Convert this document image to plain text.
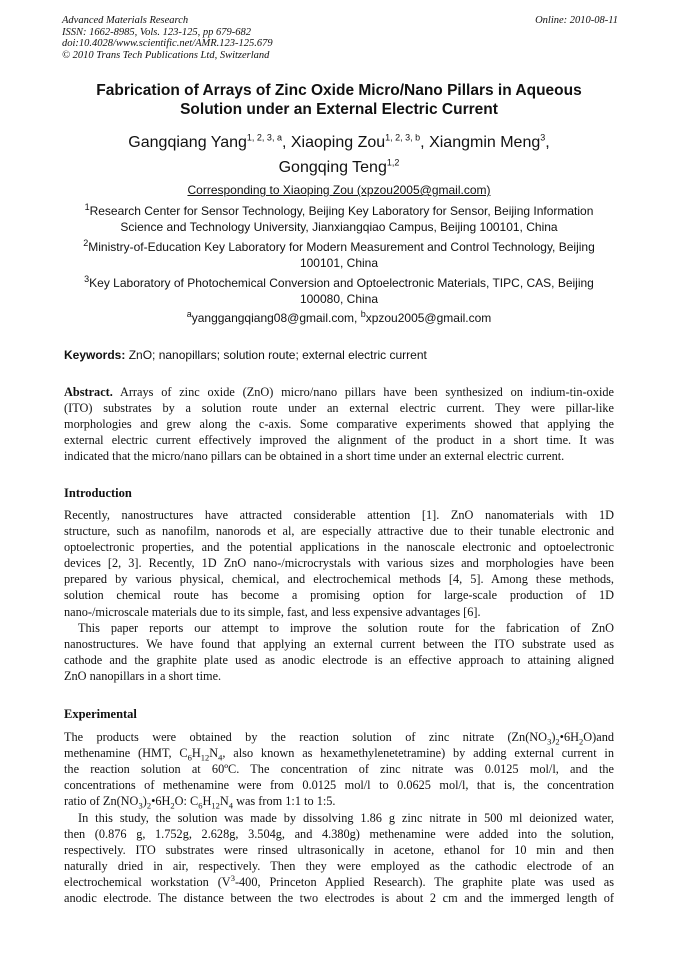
Advanced Materials Research
ISSN: 1662-8985, Vols. 123-125, pp 679-682
doi:10.4028/www.scientific.net/AMR.123-125.679
© 2010 Trans Tech Publications Ltd, Switzerland
Online: 2010-08-11
Fabrication of Arrays of Zinc Oxide Micro/Nano Pillars in Aqueous
Solution under an External Electric Current
Gangqiang Yang$^{1, 2, 3, a}$, Xiaoping Zou$^{1, 2, 3, b}$, Xiangmin Meng$^3$,
Gongqing Teng$^{1,2}$
Corresponding to Xiaoping Zou (xpzou2005@gmail.com)
$^1$Research Center for Sensor Technology, Beijing Key Laboratory for Sensor, Beijing Information
Science and Technology University, Jianxiangqiao Campus, Beijing 100101, China
$^2$Ministry-of-Education Key Laboratory for Modern Measurement and Control Technology, Beijing
100101, China
$^3$Key Laboratory of Photochemical Conversion and Optoelectronic Materials, TIPC, CAS, Beijing
100080, China
$^a$yanggangqiang08@gmail.com, $^b$xpzou2005@gmail.com
Keywords: ZnO; nanopillars; solution route; external electric current
Abstract. Arrays of zinc oxide (ZnO) micro/nano pillars have been synthesized on indium-tin-oxide
(ITO) substrates by a solution route under an external electric current. They were pillar-like
morphologies and grew along the c-axis. Some comparative experiments showed that applying the
external electric current effectively improved the alignment of the product in a short time. It was
indicated that the micro/nano pillars can be obtained in a short time under an external electric current.
Introduction
Recently, nanostructures have attracted considerable attention [1]. ZnO nanomaterials with 1D
structure, such as nanofilm, nanorods et al, are especially attractive due to their tunable electronic and
optoelectronic properties, and the potential applications in the nanoscale electronic and optoelectronic
devices [2, 3]. Recently, 1D ZnO nano-/microcrystals with various sizes and morphologies have been
prepared by various physical, chemical, and electrochemical methods [4, 5]. Among these methods,
solution chemical route has become a promising option for large-scale production of 1D
nano-/microscale materials due to its simple, fast, and less expensive advantages [6].
This paper reports our attempt to improve the solution route for the fabrication of ZnO
nanostructures. We have found that applying an external current between the ITO substrate used as
cathode and the graphite plate used as anodic electrode is an effective approach to attaining aligned
ZnO nanopillars in a short time.
Experimental
The products were obtained by the reaction solution of zinc nitrate $(Zn(NO_3)_2•6H_2O)and$
methenamine (HMT, $C_6H_{12}N_4$, also known as hexamethylenetetramine) by adding external current in
the reaction solution at 60ºC. The concentration of zinc nitrate was 0.0125 mol/l, and the
concentrations of methenamine were from 0.0125 mol/l to 0.0625 mol/l, that is, the concentration
ratio of $Zn(NO_3)_2•6H_2O$: $C_6H_{12}N_4$ was from 1:1 to 1:5.
In this study, the solution was made by dissolving 1.86 g zinc nitrate in 500 ml deionized water,
then (0.876 g, 1.752g, 2.628g, 3.504g, and 4.380g) methenamine were added into the solution,
respectively. ITO substrates were rinsed ultrasonically in acetone, ethanol for 10 min and then
naturally dried in air, respectively. Then they were employed as the cathodic electrode of an
electrochemical workstation ($V^3-400$, Princeton Applied Research). The graphite plate was used as
anodic electrode. The distance between the two electrodes is about 2 cm and the immerged length of
